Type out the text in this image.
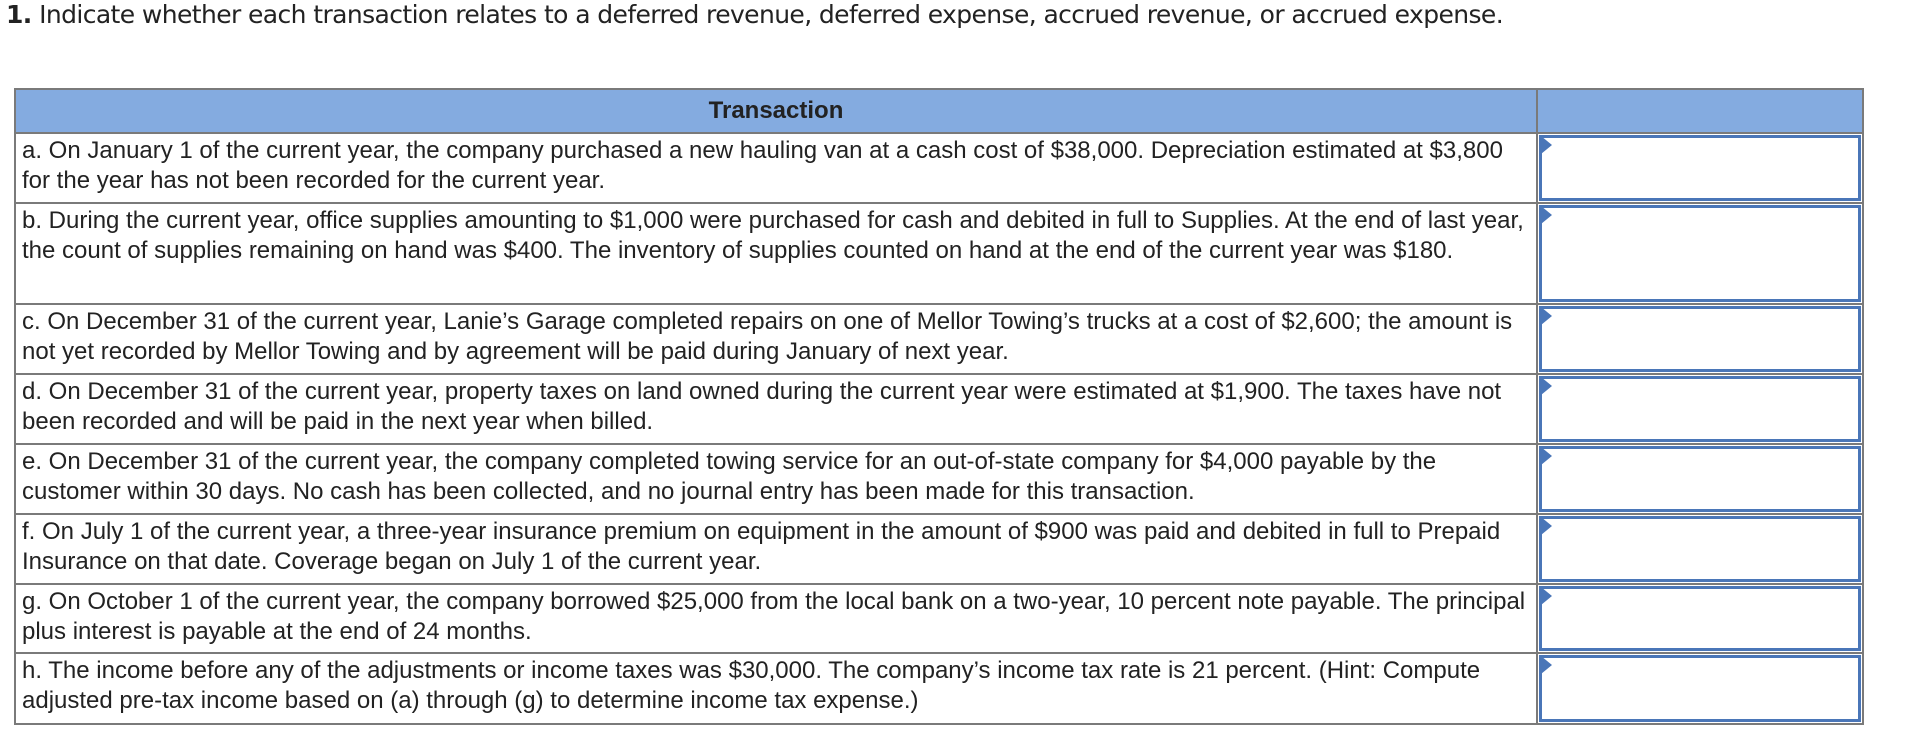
1. Indicate whether each transaction relates to a deferred revenue, deferred expense, accrued revenue, or accrued expense.
Transaction	
a. On January 1 of the current year, the company purchased a new hauling van at a cash cost of $38,000. Depreciation estimated at $3,800 for the year has not been recorded for the current year.	

b. During the current year, office supplies amounting to $1,000 were purchased for cash and debited in full to Supplies. At the end of last year, the count of supplies remaining on hand was $400. The inventory of supplies counted on hand at the end of the current year was $180.	

c. On December 31 of the current year, Lanie’s Garage completed repairs on one of Mellor Towing’s trucks at a cost of $2,600; the amount is not yet recorded by Mellor Towing and by agreement will be paid during January of next year.	

d. On December 31 of the current year, property taxes on land owned during the current year were estimated at $1,900. The taxes have not been recorded and will be paid in the next year when billed.	

e. On December 31 of the current year, the company completed towing service for an out-of-state company for $4,000 payable by the customer within 30 days. No cash has been collected, and no journal entry has been made for this transaction.	

f. On July 1 of the current year, a three-year insurance premium on equipment in the amount of $900 was paid and debited in full to Prepaid Insurance on that date. Coverage began on July 1 of the current year.	

g. On October 1 of the current year, the company borrowed $25,000 from the local bank on a two-year, 10 percent note payable. The principal plus interest is payable at the end of 24 months.	

h. The income before any of the adjustments or income taxes was $30,000. The company’s income tax rate is 21 percent. (Hint: Compute adjusted pre-tax income based on (a) through (g) to determine income tax expense.)	
